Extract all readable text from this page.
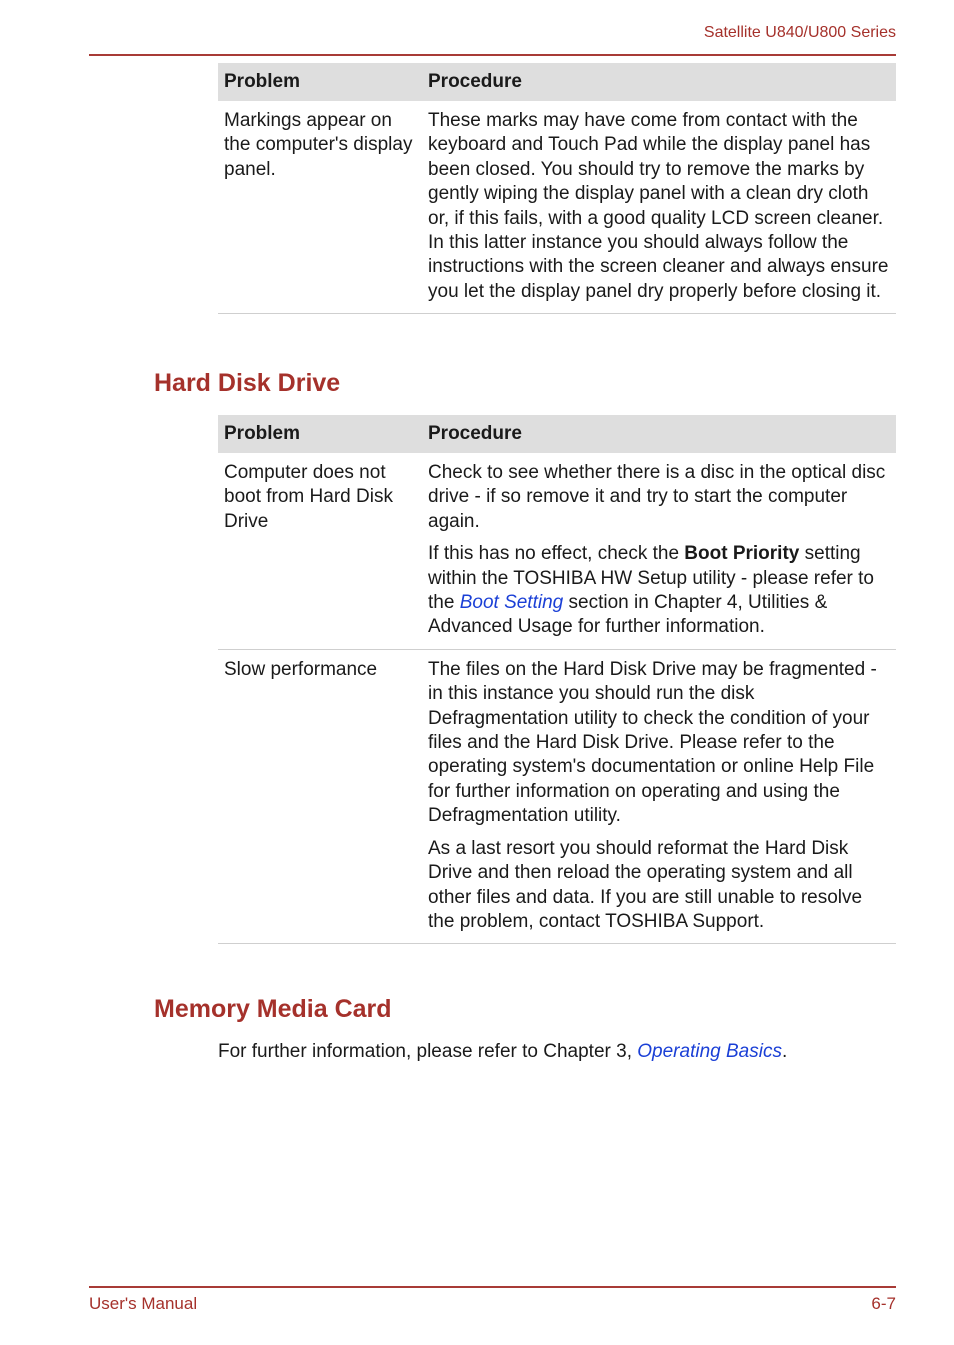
Satellite U840/U800 Series
Problem	Procedure
Markings appear on the computer's display panel.	These marks may have come from contact with the keyboard and Touch Pad while the display panel has been closed. You should try to remove the marks by gently wiping the display panel with a clean dry cloth or, if this fails, with a good quality LCD screen cleaner. In this latter instance you should always follow the instructions with the screen cleaner and always ensure you let the display panel dry properly before closing it.
Hard Disk Drive
Problem	Procedure
Computer does not boot from Hard Disk Drive	Check to see whether there is a disc in the optical disc drive - if so remove it and try to start the computer again.

If this has no effect, check the Boot Priority setting within the TOSHIBA HW Setup utility - please refer to the Boot Setting section in Chapter 4, Utilities & Advanced Usage for further information.

Slow performance	The files on the Hard Disk Drive may be fragmented - in this instance you should run the disk Defragmentation utility to check the condition of your files and the Hard Disk Drive. Please refer to the operating system's documentation or online Help File for further information on operating and using the Defragmentation utility.

As a last resort you should reformat the Hard Disk Drive and then reload the operating system and all other files and data. If you are still unable to resolve the problem, contact TOSHIBA Support.

Memory Media Card

For further information, please refer to Chapter 3, Operating Basics.

User's Manual	6-7
